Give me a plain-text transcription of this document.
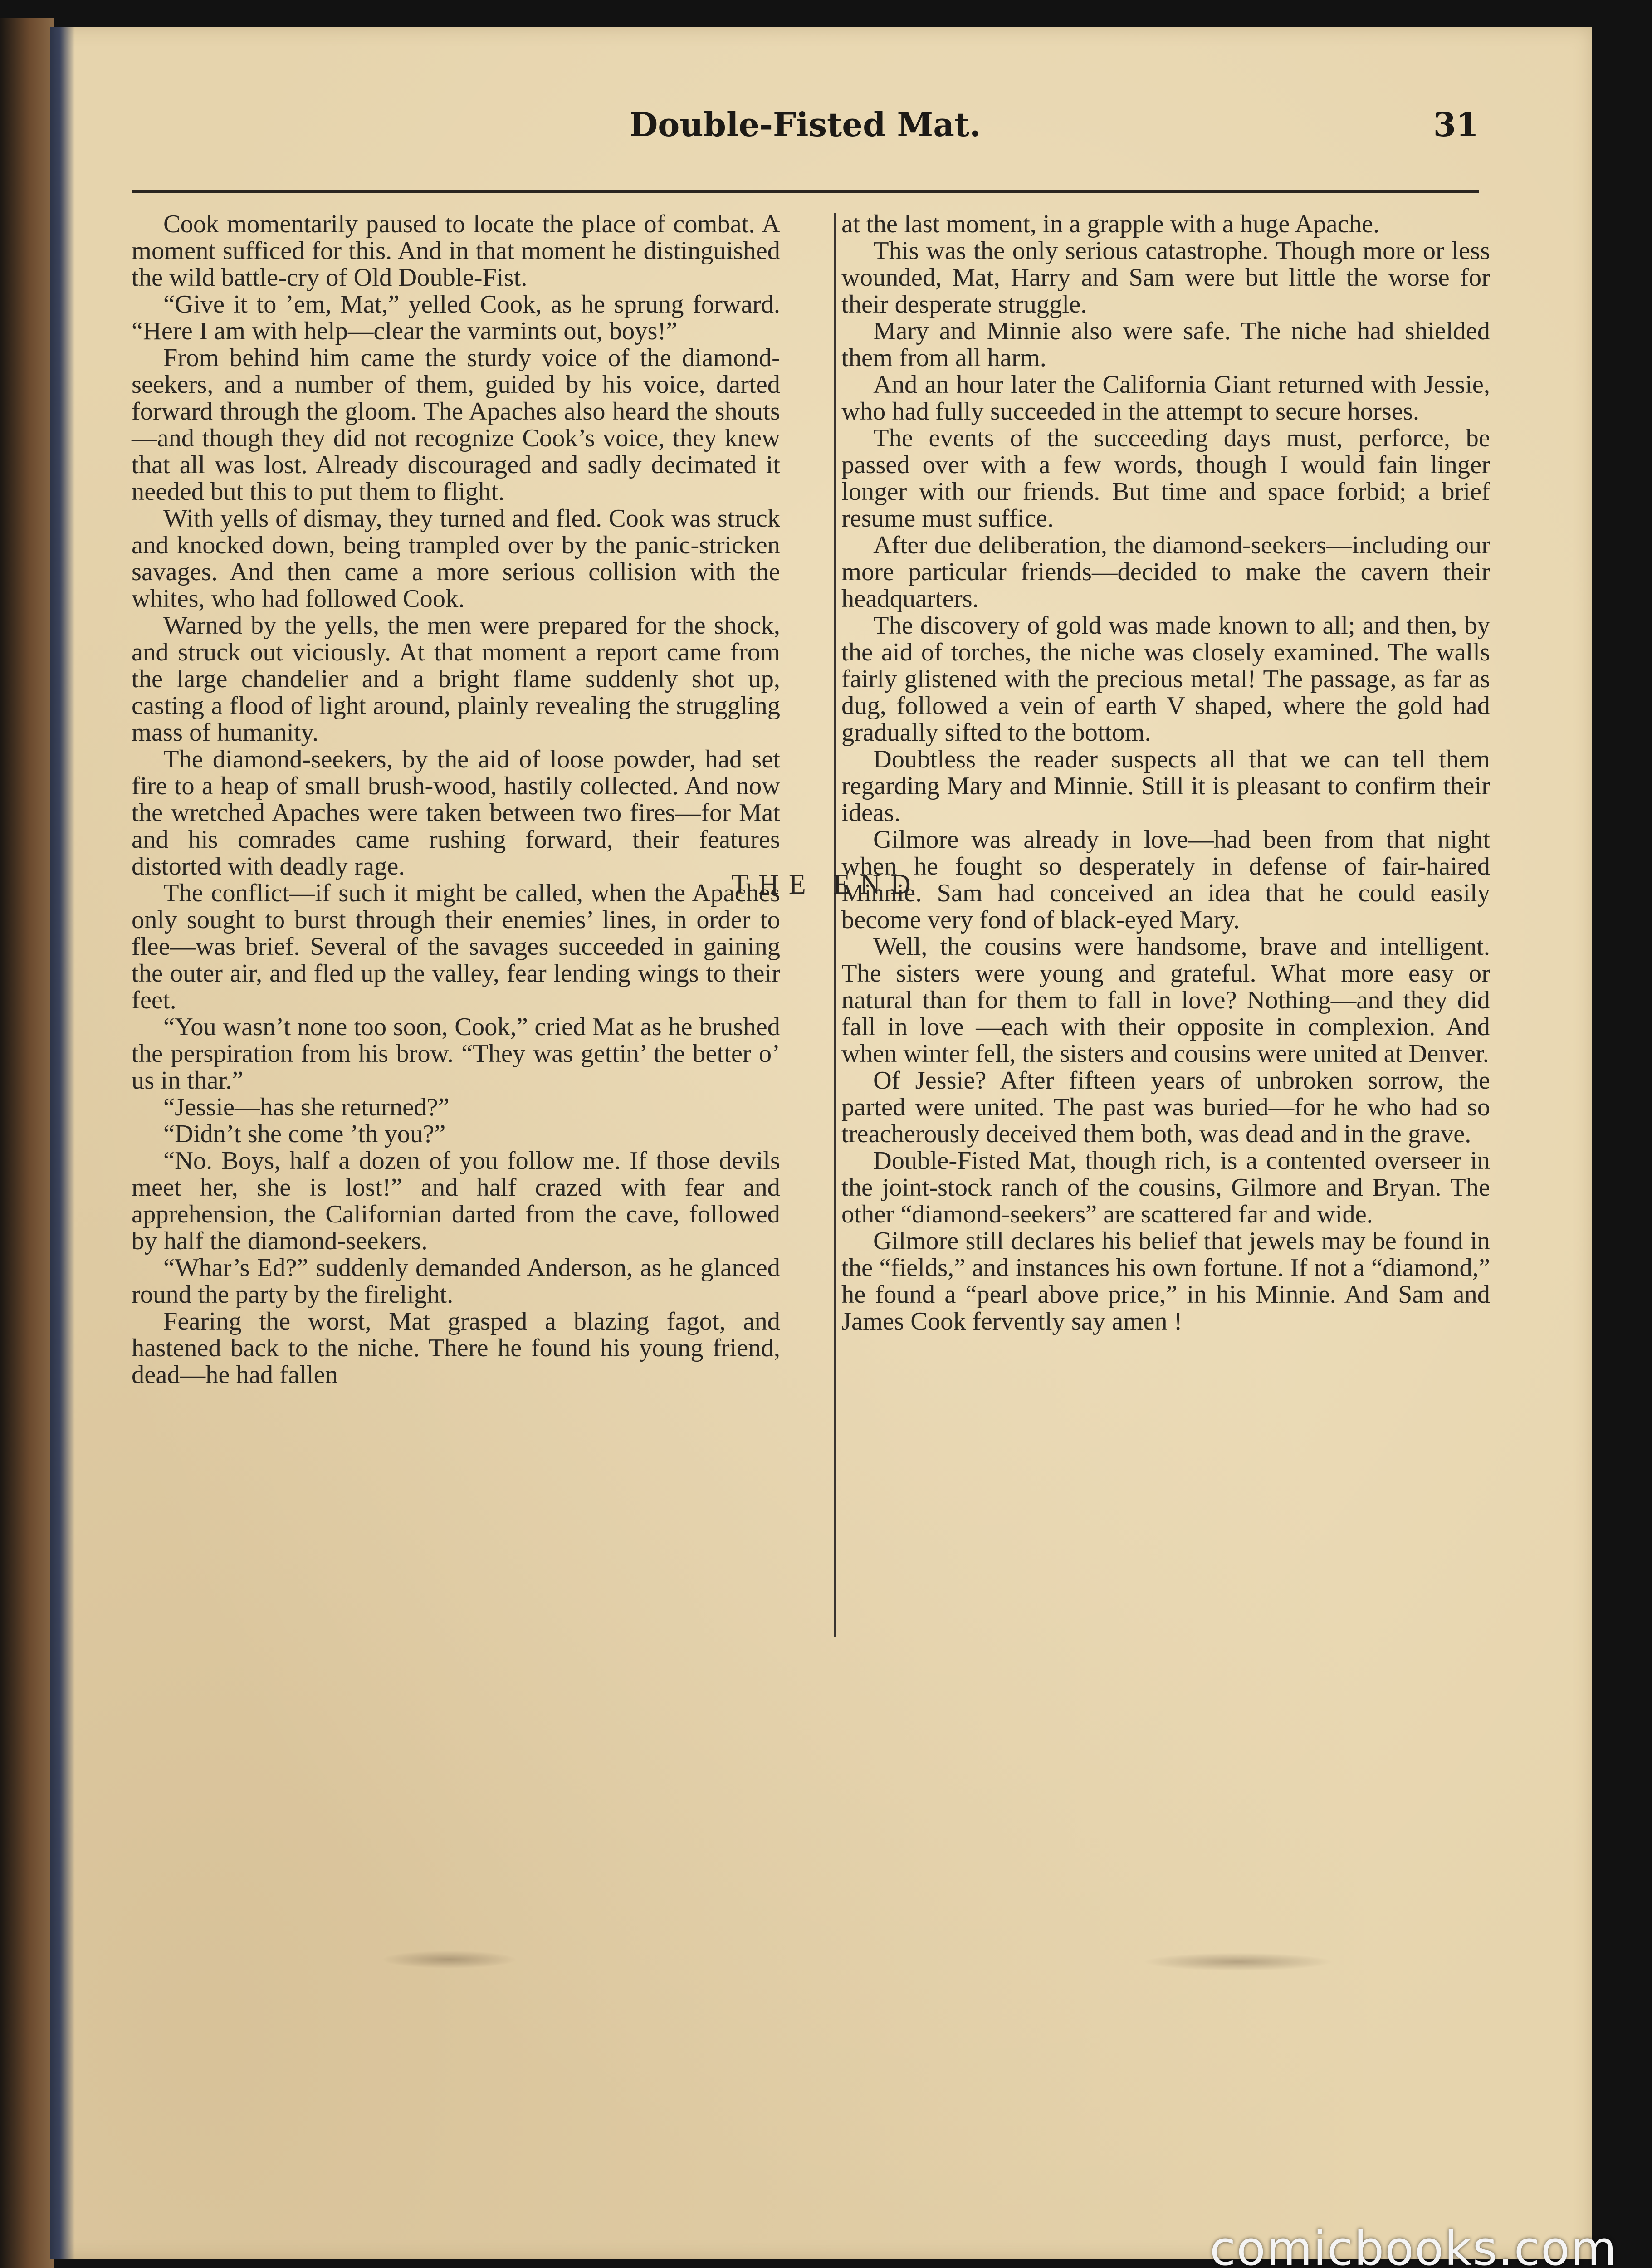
Double-Fisted Mat.	31

Cook momentarily paused to locate the place of combat. A moment sufficed for this. And in that moment he distinguished the wild battle-cry of Old Double-Fist.

“Give it to ’em, Mat,” yelled Cook, as he sprung forward. “Here I am with help—clear the varmints out, boys!”

From behind him came the sturdy voice of the diamond-seekers, and a number of them, guided by his voice, darted forward through the gloom. The Apaches also heard the shouts—and though they did not recognize Cook’s voice, they knew that all was lost. Already discouraged and sadly decimated it needed but this to put them to flight.

With yells of dismay, they turned and fled. Cook was struck and knocked down, being trampled over by the panic-stricken savages. And then came a more serious collision with the whites, who had followed Cook.

Warned by the yells, the men were prepared for the shock, and struck out viciously. At that moment a report came from the large chandelier and a bright flame suddenly shot up, casting a flood of light around, plainly revealing the struggling mass of humanity.

The diamond-seekers, by the aid of loose powder, had set fire to a heap of small brush-wood, hastily collected. And now the wretched Apaches were taken between two fires—for Mat and his comrades came rushing forward, their features distorted with deadly rage.

The conflict—if such it might be called, when the Apaches only sought to burst through their enemies’ lines, in order to flee—was brief. Several of the savages succeeded in gaining the outer air, and fled up the valley, fear lending wings to their feet.

“You wasn’t none too soon, Cook,” cried Mat as he brushed the perspiration from his brow. “They was gettin’ the better o’ us in thar.”

“Jessie—has she returned?”

“Didn’t she come ’th you?”

“No. Boys, half a dozen of you follow me. If those devils meet her, she is lost!” and half crazed with fear and apprehension, the Californian darted from the cave, followed by half the diamond-seekers.

“Whar’s Ed?” suddenly demanded Anderson, as he glanced round the party by the firelight.

Fearing the worst, Mat grasped a blazing fagot, and hastened back to the niche. There he found his young friend, dead—he had fallen

at the last moment, in a grapple with a huge Apache.

This was the only serious catastrophe. Though more or less wounded, Mat, Harry and Sam were but little the worse for their desperate struggle.

Mary and Minnie also were safe. The niche had shielded them from all harm.

And an hour later the California Giant returned with Jessie, who had fully succeeded in the attempt to secure horses.

The events of the succeeding days must, perforce, be passed over with a few words, though I would fain linger longer with our friends. But time and space forbid; a brief resume must suffice.

After due deliberation, the diamond-seekers—including our more particular friends—decided to make the cavern their headquarters.

The discovery of gold was made known to all; and then, by the aid of torches, the niche was closely examined. The walls fairly glistened with the precious metal! The passage, as far as dug, followed a vein of earth V shaped, where the gold had gradually sifted to the bottom.

Doubtless the reader suspects all that we can tell them regarding Mary and Minnie. Still it is pleasant to confirm their ideas.

Gilmore was already in love—had been from that night when he fought so desperately in defense of fair-haired Minnie. Sam had conceived an idea that he could easily become very fond of black-eyed Mary.

Well, the cousins were handsome, brave and intelligent. The sisters were young and grateful. What more easy or natural than for them to fall in love? Nothing—and they did fall in love —each with their opposite in complexion. And when winter fell, the sisters and cousins were united at Denver.

Of Jessie? After fifteen years of unbroken sorrow, the parted were united. The past was buried—for he who had so treacherously deceived them both, was dead and in the grave.

Double-Fisted Mat, though rich, is a contented overseer in the joint-stock ranch of the cousins, Gilmore and Bryan. The other “diamond-seekers” are scattered far and wide.

Gilmore still declares his belief that jewels may be found in the “fields,” and instances his own fortune. If not a “diamond,” he found a “pearl above price,” in his Minnie. And Sam and James Cook fervently say amen !

THE END
comicbooks.com
